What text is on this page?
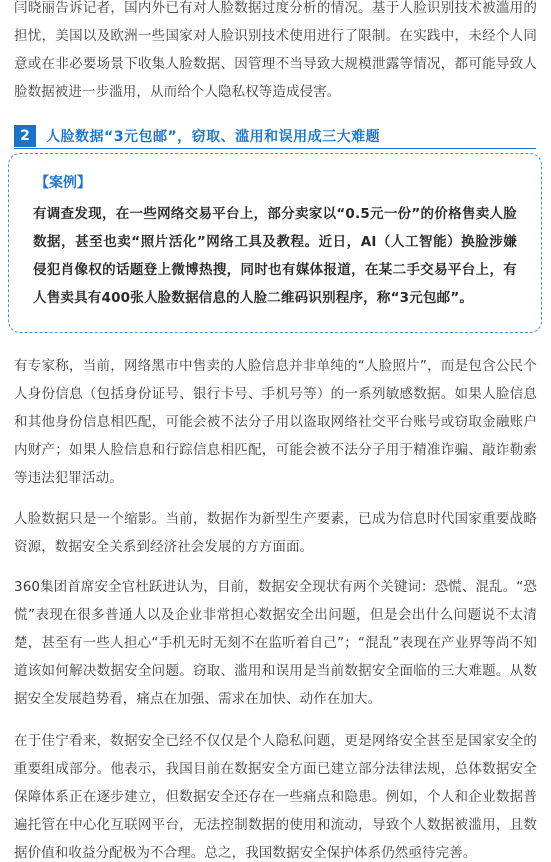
闫晓丽告诉记者，国内外已有对人脸数据过度分析的情况。基于人脸识别技术被滥用的担忧，美国以及欧洲一些国家对人脸识别技术使用进行了限制。在实践中，未经个人同意或在非必要场景下收集人脸数据、因管理不当导致大规模泄露等情况，都可能导致人脸数据被进一步滥用，从而给个人隐私权等造成侵害。

2	人脸数据“3元包邮”，窃取、滥用和误用成三大难题

【案例】

有调查发现，在一些网络交易平台上，部分卖家以“0.5元一份”的价格售卖人脸数据，甚至也卖“照片活化”网络工具及教程。近日，AI（人工智能）换脸涉嫌侵犯肖像权的话题登上微博热搜，同时也有媒体报道，在某二手交易平台上，有人售卖具有400张人脸数据信息的人脸二维码识别程序，称“3元包邮”。

有专家称，当前，网络黑市中售卖的人脸信息并非单纯的“人脸照片”，而是包含公民个人身份信息（包括身份证号、银行卡号、手机号等）的一系列敏感数据。如果人脸信息和其他身份信息相匹配，可能会被不法分子用以盗取网络社交平台账号或窃取金融账户内财产；如果人脸信息和行踪信息相匹配，可能会被不法分子用于精准诈骗、敲诈勒索等违法犯罪活动。

人脸数据只是一个缩影。当前，数据作为新型生产要素，已成为信息时代国家重要战略资源，数据安全关系到经济社会发展的方方面面。

360集团首席安全官杜跃进认为，目前，数据安全现状有两个关键词：恐慌、混乱。“恐慌”表现在很多普通人以及企业非常担心数据安全出问题，但是会出什么问题说不太清楚，甚至有一些人担心“手机无时无刻不在监听着自己”；“混乱”表现在产业界等尚不知道该如何解决数据安全问题。窃取、滥用和误用是当前数据安全面临的三大难题。从数据安全发展趋势看，痛点在加强、需求在加快、动作在加大。

在于佳宁看来，数据安全已经不仅仅是个人隐私问题，更是网络安全甚至是国家安全的重要组成部分。他表示，我国目前在数据安全方面已建立部分法律法规，总体数据安全保障体系正在逐步建立，但数据安全还存在一些痛点和隐患。例如，个人和企业数据普遍托管在中心化互联网平台，无法控制数据的使用和流动，导致个人数据被滥用，且数据价值和收益分配极为不合理。总之，我国数据安全保护体系仍然亟待完善。
